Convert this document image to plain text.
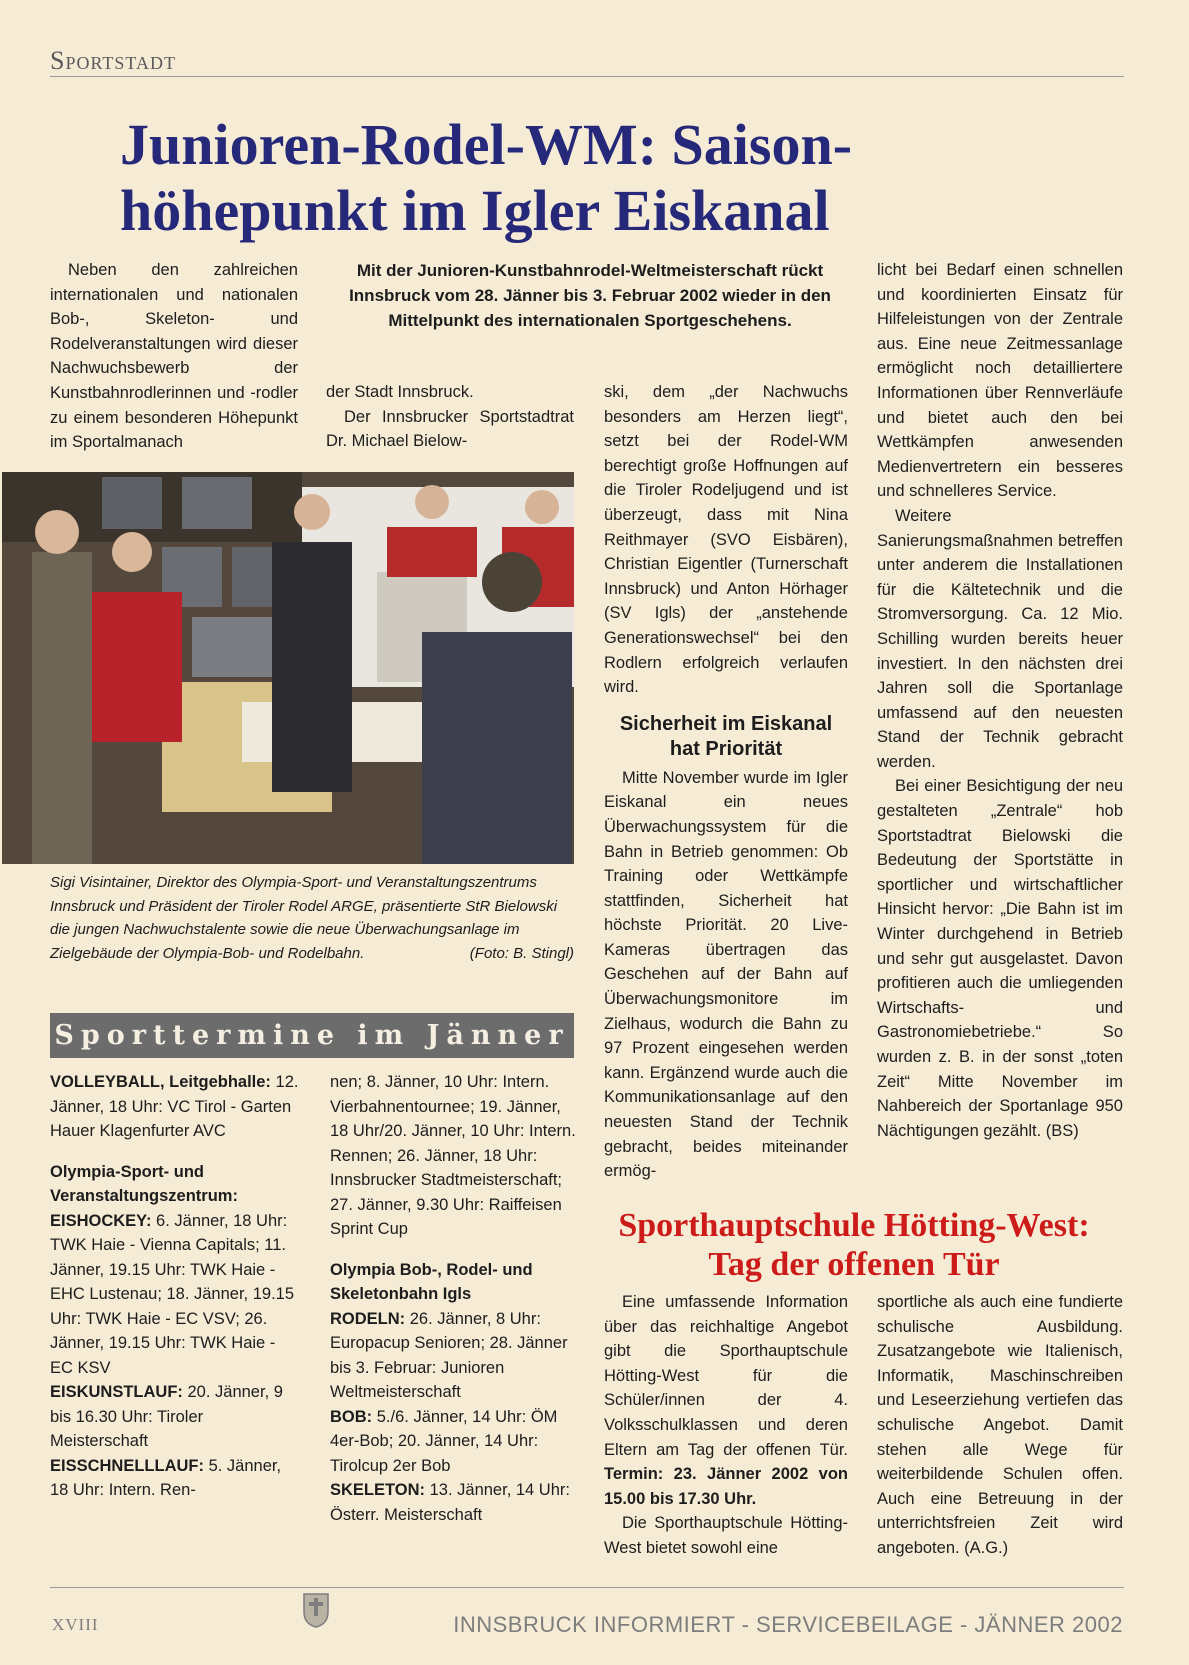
Sportstadt
Junioren-Rodel-WM: Saison-
höhepunkt im Igler Eiskanal

Neben den zahlreichen internationalen und nationalen Bob-, Skeleton- und Rodelveranstaltungen wird dieser Nachwuchsbewerb der Kunstbahnrodlerinnen und -rodler zu einem besonderen Höhepunkt im Sportalmanach

Mit der Junioren-Kunstbahnrodel-Weltmeisterschaft rückt Innsbruck vom 28. Jänner bis 3. Februar 2002 wieder in den Mittelpunkt des internationalen Sportgeschehens.

der Stadt Innsbruck.

Der Innsbrucker Sportstadtrat Dr. Michael Bielow-

Sigi Visintainer, Direktor des Olympia-Sport- und Veranstaltungszentrums Innsbruck und Präsident der Tiroler Rodel ARGE, präsentierte StR Bielowski die jungen Nachwuchstalente sowie die neue Überwachungsanlage im Zielgebäude der Olympia-Bob- und Rodelbahn.	(Foto: B. Stingl)

ski, dem „der Nachwuchs besonders am Herzen liegt“, setzt bei der Rodel-WM berechtigt große Hoffnungen auf die Tiroler Rodeljugend und ist überzeugt, dass mit Nina Reithmayer (SVO Eisbären), Christian Eigentler (Turnerschaft Innsbruck) und Anton Hörhager (SV Igls) der „anstehende Generationswechsel“ bei den Rodlern erfolgreich verlaufen wird.

Sicherheit im Eiskanal hat Priorität

Mitte November wurde im Igler Eiskanal ein neues Überwachungssystem für die Bahn in Betrieb genommen: Ob Training oder Wettkämpfe stattfinden, Sicherheit hat höchste Priorität. 20 Live-Kameras übertragen das Geschehen auf der Bahn auf Überwachungsmonitore im Zielhaus, wodurch die Bahn zu 97 Prozent eingesehen werden kann. Ergänzend wurde auch die Kommunikationsanlage auf den neuesten Stand der Technik gebracht, beides miteinander ermög-

licht bei Bedarf einen schnellen und koordinierten Einsatz für Hilfeleistungen von der Zentrale aus. Eine neue Zeitmessanlage ermöglicht noch detailliertere Informationen über Rennverläufe und bietet auch den bei Wettkämpfen anwesenden Medienvertretern ein besseres und schnelleres Service.

Weitere Sanierungsmaßnahmen betreffen unter anderem die Installationen für die Kältetechnik und die Stromversorgung. Ca. 12 Mio. Schilling wurden bereits heuer investiert. In den nächsten drei Jahren soll die Sportanlage umfassend auf den neuesten Stand der Technik gebracht werden.

Bei einer Besichtigung der neu gestalteten „Zentrale“ hob Sportstadtrat Bielowski die Bedeutung der Sportstätte in sportlicher und wirtschaftlicher Hinsicht hervor: „Die Bahn ist im Winter durchgehend in Betrieb und sehr gut ausgelastet. Davon profitieren auch die umliegenden Wirtschafts- und Gastronomiebetriebe.“ So wurden z. B. in der sonst „toten Zeit“ Mitte November im Nahbereich der Sportanlage 950 Nächtigungen gezählt. (BS)

Sporttermine im Jänner
VOLLEYBALL, Leitgebhalle: 12. Jänner, 18 Uhr: VC Tirol - Garten Hauer Klagenfurter AVC
Olympia-Sport- und Veranstaltungszentrum:
EISHOCKEY: 6. Jänner, 18 Uhr: TWK Haie - Vienna Capitals; 11. Jänner, 19.15 Uhr: TWK Haie - EHC Lustenau; 18. Jänner, 19.15 Uhr: TWK Haie - EC VSV; 26. Jänner, 19.15 Uhr: TWK Haie - EC KSV
EISKUNSTLAUF: 20. Jänner, 9 bis 16.30 Uhr: Tiroler Meisterschaft
EISSCHNELLLAUF: 5. Jänner, 18 Uhr: Intern. Ren-
nen; 8. Jänner, 10 Uhr: Intern. Vierbahnentournee; 19. Jänner, 18 Uhr/20. Jänner, 10 Uhr: Intern. Rennen; 26. Jänner, 18 Uhr: Innsbrucker Stadtmeisterschaft; 27. Jänner, 9.30 Uhr: Raiffeisen Sprint Cup
Olympia Bob-, Rodel- und Skeletonbahn Igls
RODELN: 26. Jänner, 8 Uhr: Europacup Senioren; 28. Jänner bis 3. Februar: Junioren Weltmeisterschaft
BOB: 5./6. Jänner, 14 Uhr: ÖM 4er-Bob; 20. Jänner, 14 Uhr: Tirolcup 2er Bob
SKELETON: 13. Jänner, 14 Uhr: Österr. Meisterschaft
Sporthauptschule Hötting-West: Tag der offenen Tür

Eine umfassende Information über das reichhaltige Angebot gibt die Sporthauptschule Hötting-West für die Schüler/innen der 4. Volksschulklassen und deren Eltern am Tag der offenen Tür. Termin: 23. Jänner 2002 von 15.00 bis 17.30 Uhr.

Die Sporthauptschule Hötting-West bietet sowohl eine

sportliche als auch eine fundierte schulische Ausbildung. Zusatzangebote wie Italienisch, Informatik, Maschinschreiben und Leseerziehung vertiefen das schulische Angebot. Damit stehen alle Wege für weiterbildende Schulen offen. Auch eine Betreuung in der unterrichtsfreien Zeit wird angeboten. (A.G.)

XVIII	INNSBRUCK INFORMIERT - SERVICEBEILAGE - JÄNNER 2002
